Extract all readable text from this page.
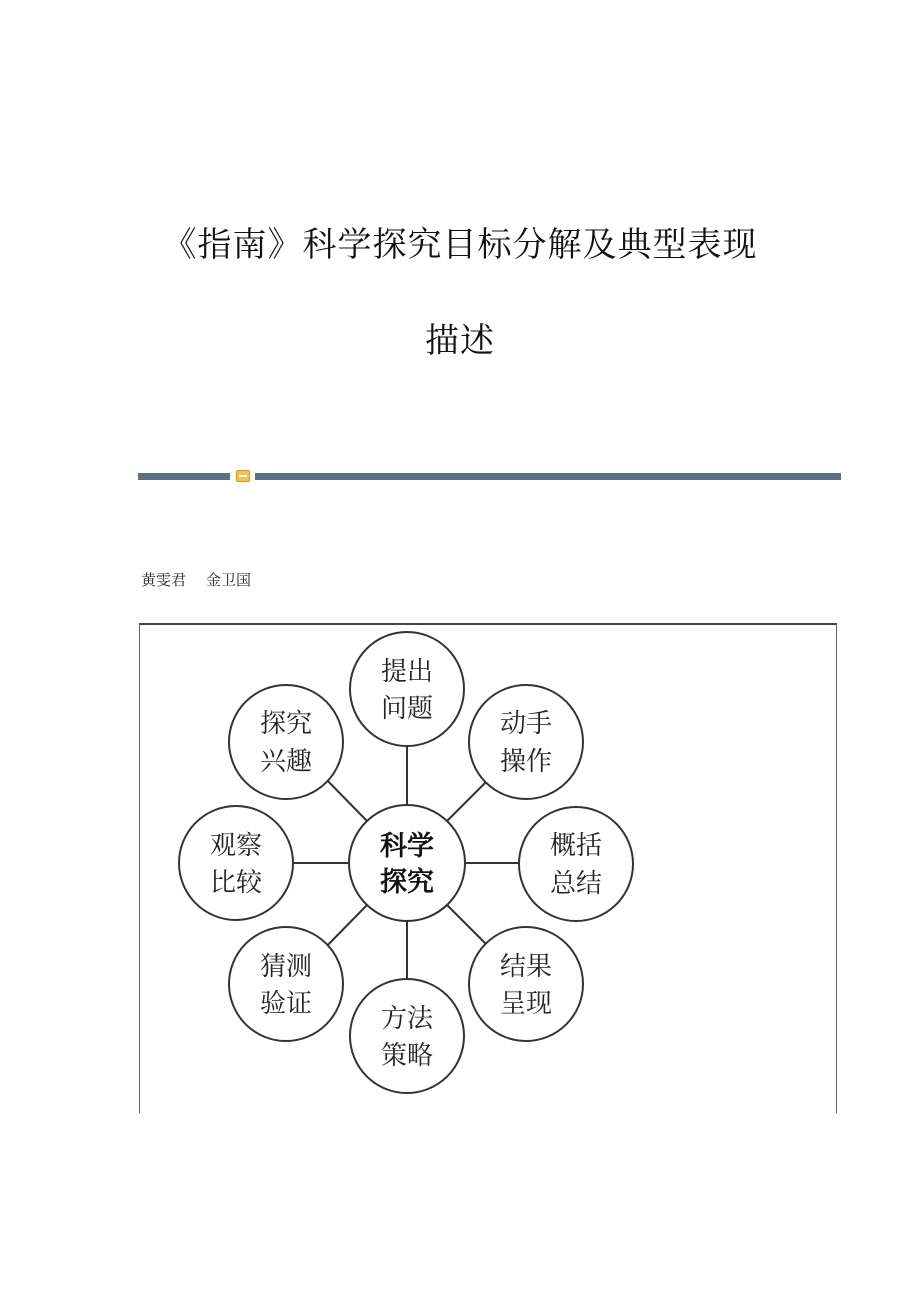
《指南》科学探究目标分解及典型表现
描述
黄雯君 金卫国
科学
探究
提出
问题	动手
操作
概括
总结
结果
呈现
方法
策略
猜测
验证
观察
比较
探究
兴趣
